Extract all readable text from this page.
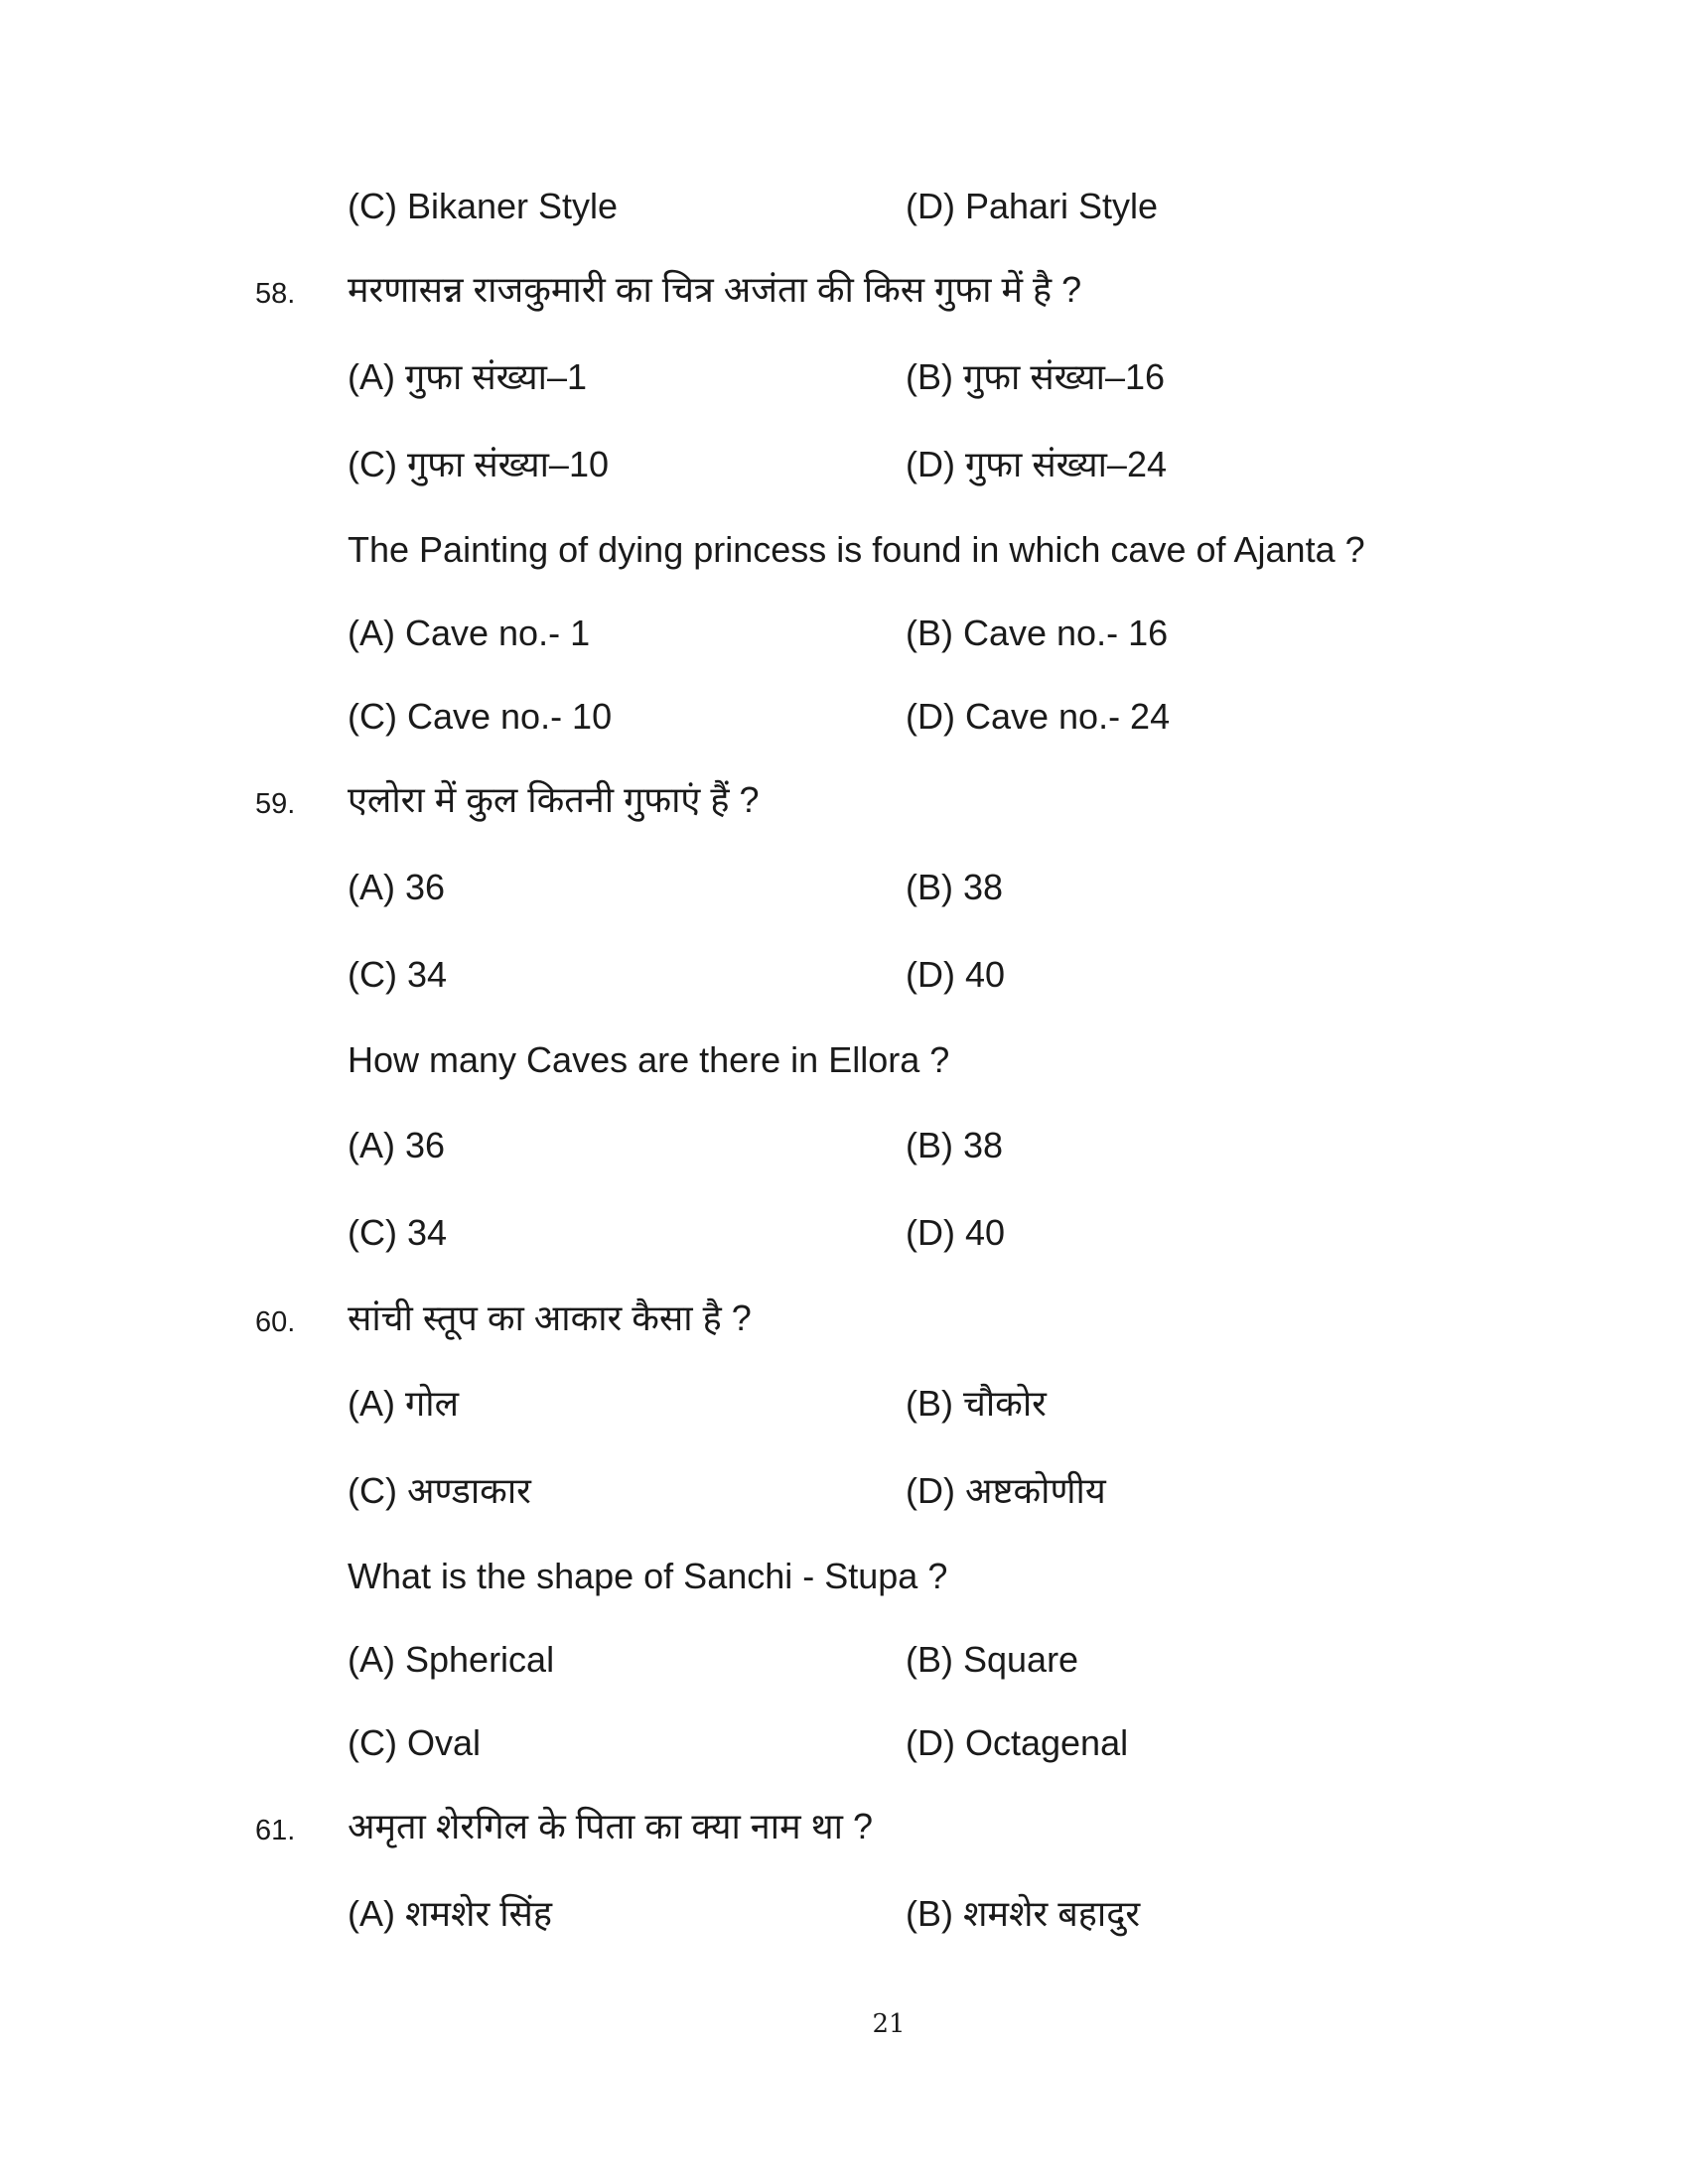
(C) Bikaner Style	(D) Pahari Style
58. मरणासन्न राजकुमारी का चित्र अजंता की किस गुफा में है ?
(A) गुफा संख्या–1	(B) गुफा संख्या–16
(C) गुफा संख्या–10	(D) गुफा संख्या–24
The Painting of dying princess is found in which cave of Ajanta ?
(A) Cave no.- 1	(B) Cave no.- 16
(C) Cave no.- 10	(D) Cave no.- 24
59. एलोरा में कुल कितनी गुफाएं हैं ?
(A) 36	(B) 38
(C) 34	(D) 40
How many Caves are there in Ellora ?
(A) 36	(B) 38
(C) 34	(D) 40
60. सांची स्तूप का आकार कैसा है ?
(A) गोल	(B) चौकोर
(C) अण्डाकार	(D) अष्टकोणीय
What is the shape of Sanchi - Stupa ?
(A) Spherical	(B) Square
(C) Oval	(D) Octagenal
61. अमृता शेरगिल के पिता का क्या नाम था ?
(A) शमशेर सिंह	(B) शमशेर बहादुर
21
